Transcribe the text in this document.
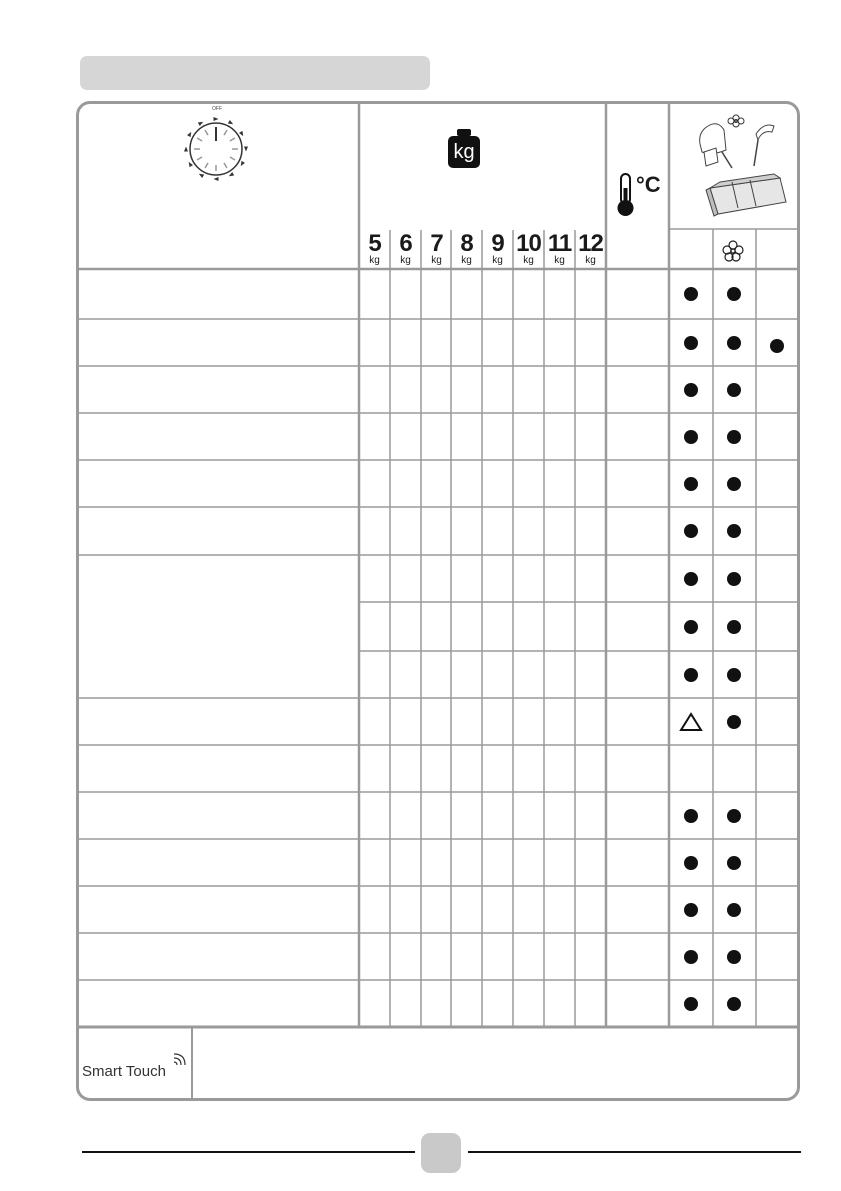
OFF
kg
5
kg
6
kg
7
kg
8
kg
9
kg
10
kg
11
kg
12
kg
°C
Smart Touch
